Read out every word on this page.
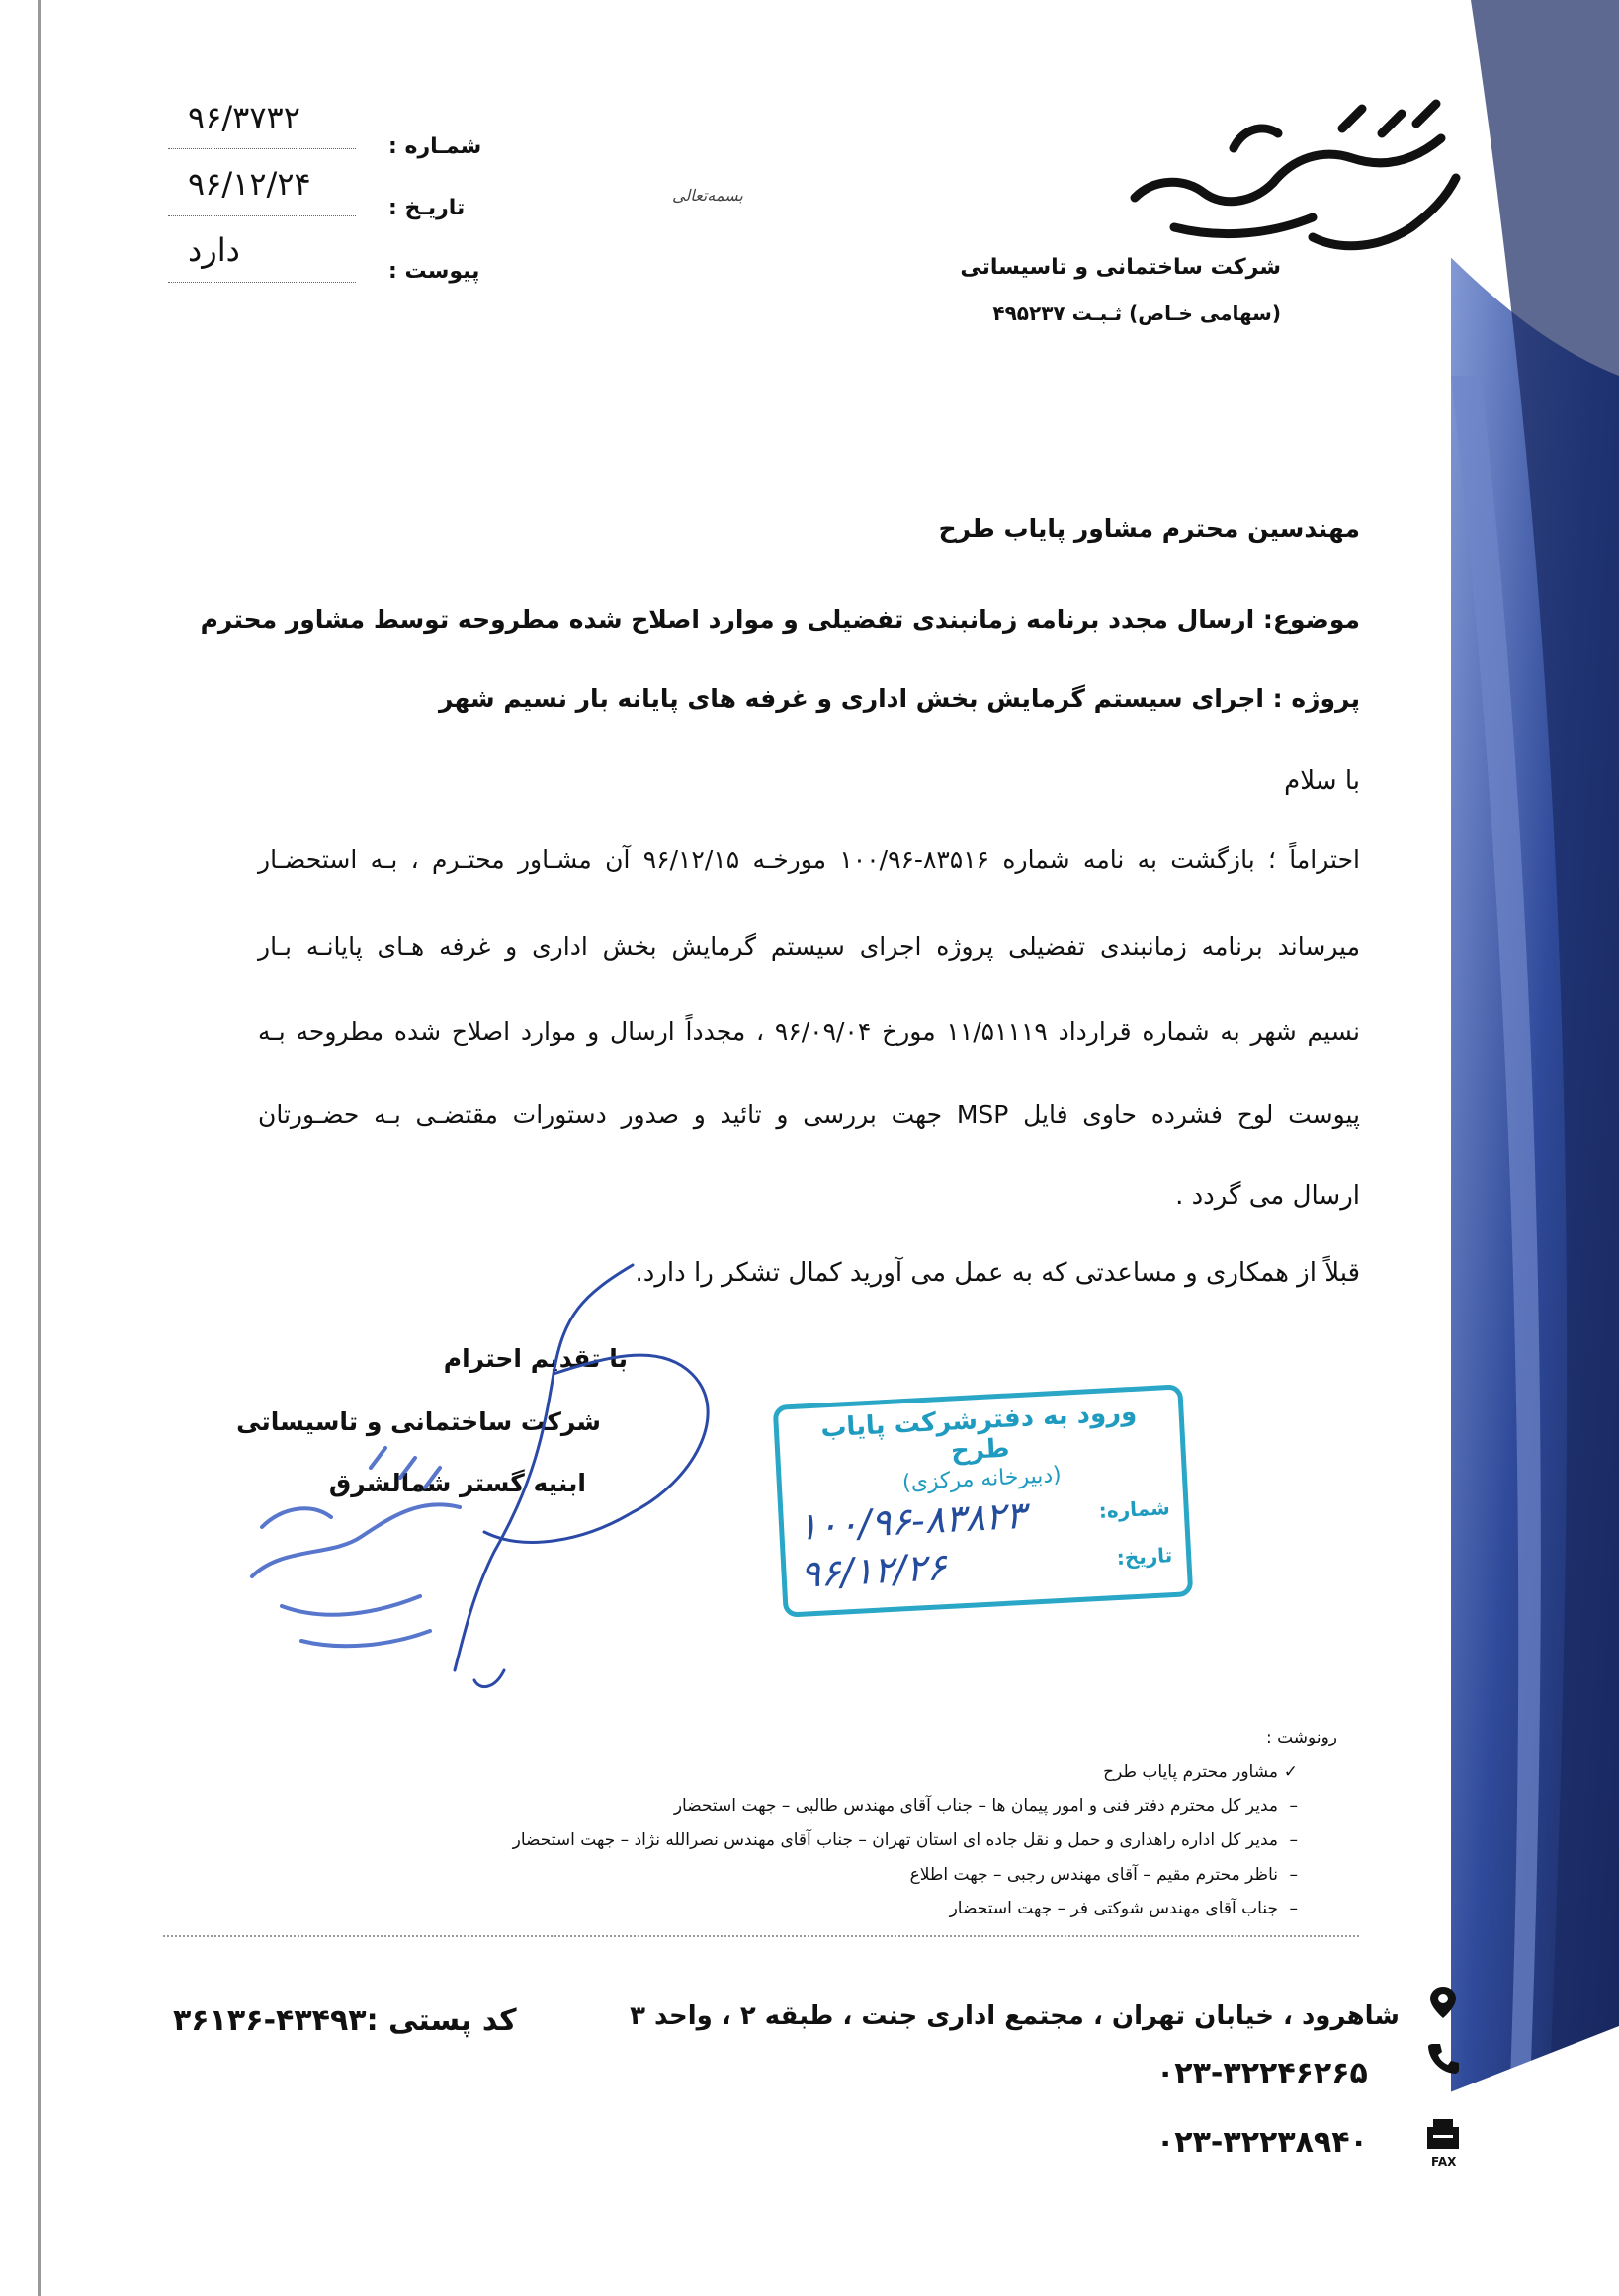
شمـاره :
۹۶/۳۷۳۲
تاریـخ :
۹۶/۱۲/۲۴
پیوست :
دارد
بسمه‌تعالی
شرکت ساختمانی و تاسیساتی
(سهامی خـاص) ثـبـت ۴۹۵۲۳۷
مهندسین محترم مشاور پایاب طرح
موضوع: ارسال مجدد برنامه زمانبندی تفضیلی و موارد اصلاح شده مطروحه توسط مشاور محترم
پروژه : اجرای سیستم گرمایش بخش اداری و غرفه های پایانه بار نسیم شهر
با سلام
احتراماً ؛ بازگشت به نامه شماره ۸۳۵۱۶-۱۰۰/۹۶ مورخـه ۹۶/۱۲/۱۵ آن مشـاور محتـرم ، بـه استحضـار
میرساند برنامه زمانبندی تفضیلی پروژه اجرای سیستم گرمایش بخش اداری و غرفه هـای پایانـه بـار
نسیم شهر به شماره قرارداد ۱۱/۵۱۱۱۹ مورخ ۹۶/۰۹/۰۴ ، مجدداً ارسال و موارد اصلاح شده مطروحه بـه
پیوست لوح فشرده حاوی فایل MSP جهت بررسی و تائید و صدور دستورات مقتضـی بـه حضـورتان
ارسال می گردد .
قبلاً از همکاری و مساعدتی که به عمل می آورید کمال تشکر را دارد.
با تقدیم احترام
شرکت ساختمانی و تاسیساتی
ابنیه گستر شمالشرق
ورود به دفترشرکت پایاب طرح
(دبیرخانه مرکزی)
شماره:
۱۰۰/۹۶-۸۳۸۲۳
تاریخ:
۹۶/۱۲/۲۶
رونوشت :
✓
مشاور محترم پایاب طرح
–
مدیر کل محترم دفتر فنی و امور پیمان ها – جناب آقای مهندس طالبی – جهت استحضار
–
مدیر کل اداره راهداری و حمل و نقل جاده ای استان تهران – جناب آقای مهندس نصرالله نژاد – جهت استحضار
–
ناظر محترم مقیم – آقای مهندس رجبی – جهت اطلاع
–
جناب آقای مهندس شوکتی فر – جهت استحضار
شاهرود ، خیابان تهران ، مجتمع اداری جنت ، طبقه ۲ ، واحد ۳
کد پستی :۴۳۴۹۳-۳۶۱۳۶
۰۲۳-۳۲۲۴۶۲۶۵
FAX
۰۲۳-۳۲۲۳۸۹۴۰
